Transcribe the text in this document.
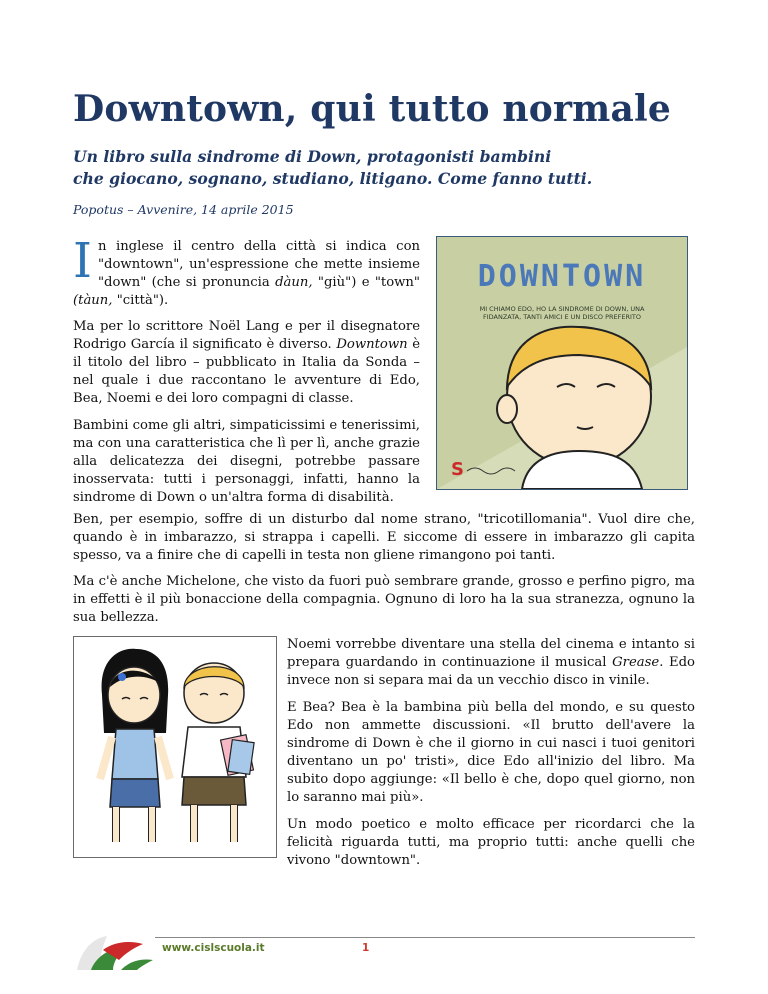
Downtown, qui tutto normale

Un libro sulla sindrome di Down, protagonisti bambini
che giocano, sognano, studiano, litigano. Come fanno tutti.

Popotus – Avvenire, 14 aprile 2015

In inglese il centro della città si indica con "downtown", un'espressione che mette insieme "down" (che si pronuncia dàun, "giù") e "town" (tàun, "città").

Ma per lo scrittore Noël Lang e per il disegnatore Rodrigo García il significato è diverso. Downtown è il titolo del libro – pubblicato in Italia da Sonda – nel quale i due raccontano le avventure di Edo, Bea, Noemi e dei loro compagni di classe.

Bambini come gli altri, simpaticissimi e tenerissimi, ma con una caratteristica che lì per lì, anche grazie alla delicatezza dei disegni, potrebbe passare inosservata: tutti i personaggi, infatti, hanno la sindrome di Down o un'altra forma di disabilità.

DOWNTOWN
MI CHIAMO EDO, HO LA SINDROME DI DOWN, UNA FIDANZATA, TANTI AMICI E UN DISCO PREFERITO
S

Ben, per esempio, soffre di un disturbo dal nome strano, "tricotillomania". Vuol dire che, quando è in imbarazzo, si strappa i capelli. E siccome di essere in imbarazzo gli capita spesso, va a finire che di capelli in testa non gliene rimangono poi tanti.

Ma c'è anche Michelone, che visto da fuori può sembrare grande, grosso e perfino pigro, ma in effetti è il più bonaccione della compagnia. Ognuno di loro ha la sua stranezza, ognuno la sua bellezza.

Noemi vorrebbe diventare una stella del cinema e intanto si prepara guardando in continuazione il musical Grease. Edo invece non si separa mai da un vecchio disco in vinile.

E Bea? Bea è la bambina più bella del mondo, e su questo Edo non ammette discussioni. «Il brutto dell'avere la sindrome di Down è che il giorno in cui nasci i tuoi genitori diventano un po' tristi», dice Edo all'inizio del libro. Ma subito dopo aggiunge: «Il bello è che, dopo quel giorno, non lo saranno mai più».

Un modo poetico e molto efficace per ricordarci che la felicità riguarda tutti, ma proprio tutti: anche quelli che vivono "downtown".

www.cislscuola.it	1
